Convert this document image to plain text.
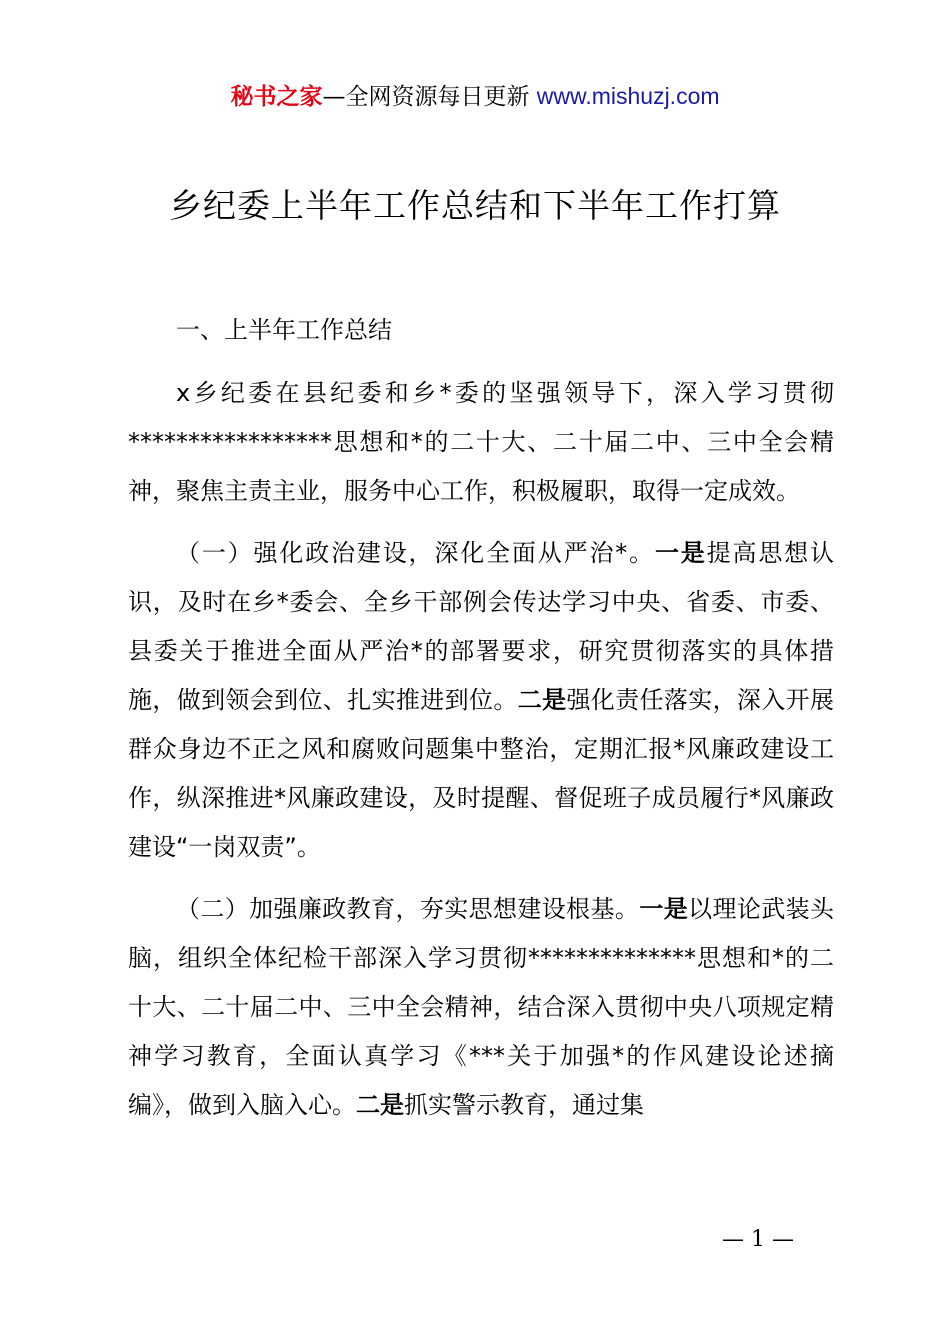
秘书之家—全网资源每日更新 www.mishuzj.com
乡纪委上半年工作总结和下半年工作打算
一、上半年工作总结

x乡纪委在县纪委和乡*委的坚强领导下，深入学习贯彻*****************思想和*的二十大、二十届二中、三中全会精神，聚焦主责主业，服务中心工作，积极履职，取得一定成效。

（一）强化政治建设，深化全面从严治*。一是提高思想认识，及时在乡*委会、全乡干部例会传达学习中央、省委、市委、县委关于推进全面从严治*的部署要求，研究贯彻落实的具体措施，做到领会到位、扎实推进到位。二是强化责任落实，深入开展群众身边不正之风和腐败问题集中整治，定期汇报*风廉政建设工作，纵深推进*风廉政建设，及时提醒、督促班子成员履行*风廉政建设“一岗双责”。

（二）加强廉政教育，夯实思想建设根基。一是以理论武装头脑，组织全体纪检干部深入学习贯彻**************思想和*的二十大、二十届二中、三中全会精神，结合深入贯彻中央八项规定精神学习教育，全面认真学习《***关于加强*的作风建设论述摘编》，做到入脑入心。二是抓实警示教育，通过集

— 1 —
